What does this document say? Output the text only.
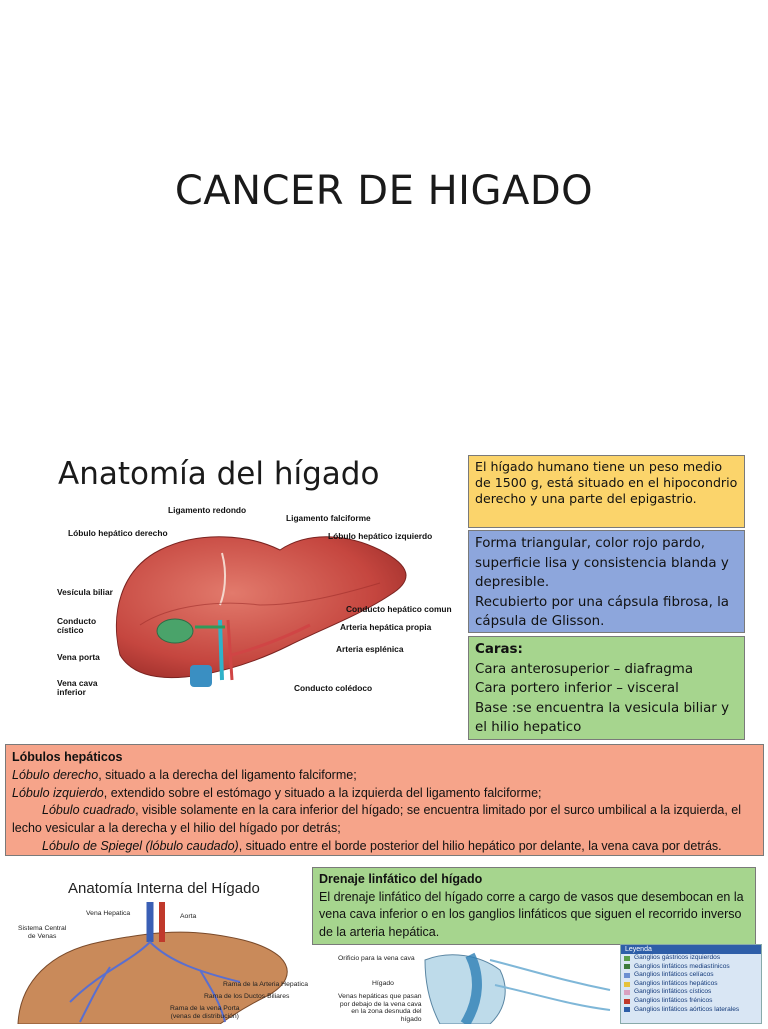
CANCER DE HIGADO
Anatomía del hígado
Ligamento redondo
Ligamento falciforme
Lóbulo hepático derecho	Lóbulo hepático izquierdo
Vesícula biliar
Conducto hepático comun
Conducto
cístico	Arteria hepática propia
Vena porta
Arteria esplénica
Vena cava
inferior	Conducto colédoco
El hígado humano tiene un peso medio de 1500 g, está situado en el hipocondrio derecho y una parte del epigastrio.
Forma triangular, color rojo pardo, superficie lisa y consistencia blanda y depresible.
Recubierto por una cápsula fibrosa, la cápsula de Glisson.
Caras:
Cara anterosuperior – diafragma
Cara portero inferior – visceral
Base :se encuentra la vesicula biliar y el hilio hepatico
Lóbulos hepáticos
Lóbulo derecho, situado a la derecha del ligamento falciforme;
Lóbulo izquierdo, extendido sobre el estómago y situado a la izquierda del ligamento falciforme;
Lóbulo cuadrado, visible solamente en la cara inferior del hígado; se encuentra limitado por el surco umbilical a la izquierda, el lecho vesicular a la derecha y el hilio del hígado por detrás;
Lóbulo de Spiegel (lóbulo caudado), situado entre el borde posterior del hilio hepático por delante, la vena cava por detrás.
Anatomía Interna del Hígado
Vena Hepatica	Aorta
Sistema Central
de Venas
Rama de la Arteria Hepatica
Rama de los Ductos Biliares
Rama de la vena Porta
(venas de distribución)
Drenaje linfático del hígado
El drenaje linfático del hígado corre a cargo de vasos que desembocan en la vena cava inferior o en los ganglios linfáticos que siguen el recorrido inverso de la arteria hepática.
Orificio para la vena cava
Hígado
Venas hepáticas que pasan
por debajo de la vena cava
en la zona desnuda del
hígado
Leyenda
Ganglios gástricos izquierdos
Ganglios linfáticos mediastínicos
Ganglios linfáticos celíacos
Ganglios linfáticos hepáticos
Ganglios linfáticos císticos
Ganglios linfáticos frénicos
Ganglios linfáticos aórticos laterales
